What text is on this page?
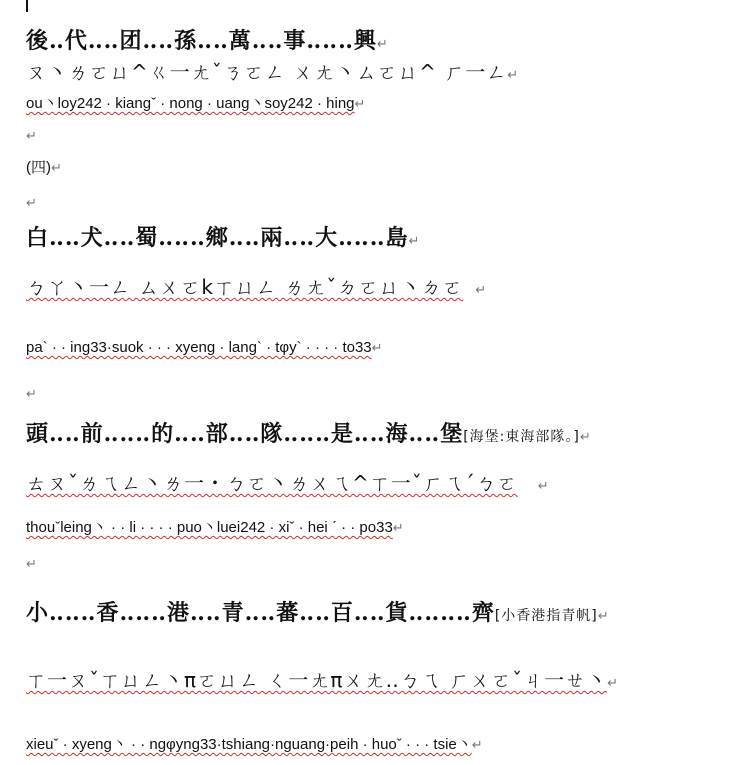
後‥代‥‥团‥‥孫‥‥萬‥‥事‥‥‥興↵
ㄡ丶ㄌㄛㄩ^ㄍ一ㄤˇㄋㄛㄥ ㄨㄤ丶ㄙㄛㄩ^ ㄏ一ㄥ↵
ou丶loy242 · kiangˇ · nong · uang丶soy242 · hing↵
↵
(四)↵
↵
白‥‥犬‥‥蜀‥‥‥鄉‥‥兩‥‥大‥‥‥島↵
ㄅㄚ丶一ㄥ ㄙㄨㄛkㄒㄩㄥ ㄌㄤˇㄉㄛㄩ丶ㄉㄛ ↵
pa` · · ing33·suok · · · xyeng · lang` · tφy` · · · · to33↵
↵
頭‥‥前‥‥‥的‥‥部‥‥隊‥‥‥是‥‥海‥‥堡[海堡:東海部隊。]↵
ㄊㄡˇㄌㄟㄥ丶ㄌ一・ㄅㄛ丶ㄌㄨㄟ^ㄒ一ˇㄏㄟˊㄅㄛ ↵
thouˇleing丶 · · li · · · · puo丶luei242 · xiˇ · hei ˊ · · po33↵
↵
小‥‥‥香‥‥‥港‥‥青‥‥蕃‥‥百‥‥貨‥‥‥‥齊[小香港指青帆]↵
ㄒ一ㄡˇㄒㄩㄥ丶πㄛㄩㄥ ㄑ一ㄤπㄨㄤ‥ㄅㄟ ㄏㄨㄛˇㄐ一ㄝ丶↵
xieuˇ · xyeng丶 · · ngφyng33·tshiang·nguang·peih · huoˇ · · · tsie丶↵
